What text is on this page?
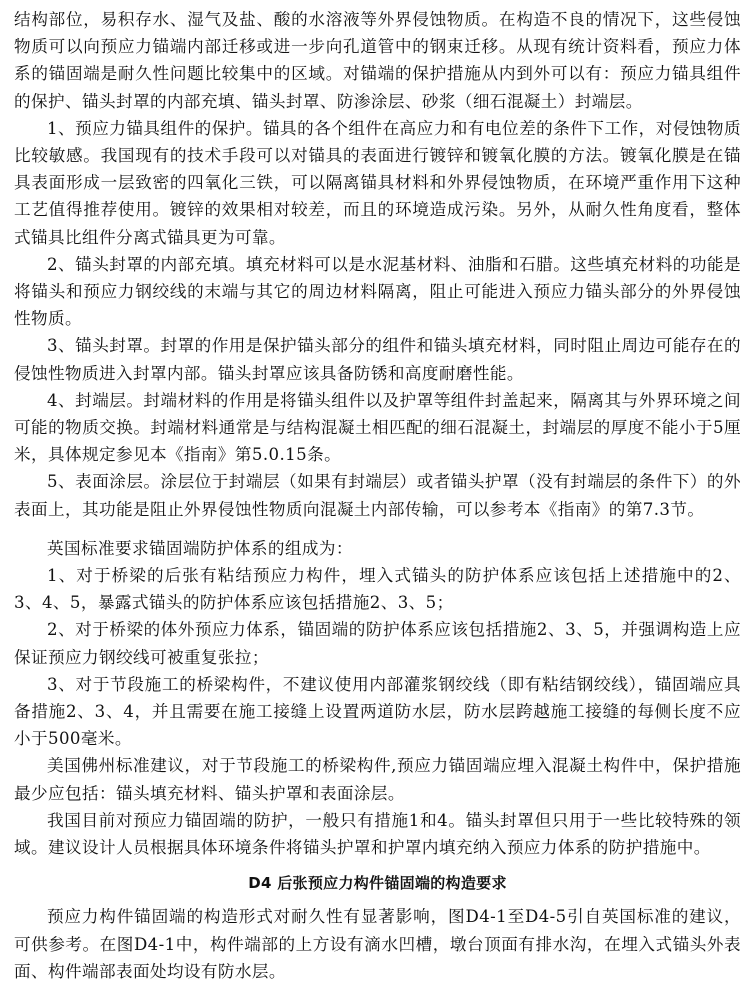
结构部位，易积存水、湿气及盐、酸的水溶液等外界侵蚀物质。在构造不良的情况下，这些侵蚀物质可以向预应力锚端内部迁移或进一步向孔道管中的钢束迁移。从现有统计资料看，预应力体系的锚固端是耐久性问题比较集中的区域。对锚端的保护措施从内到外可以有：预应力锚具组件的保护、锚头封罩的内部充填、锚头封罩、防渗涂层、砂浆（细石混凝土）封端层。

1、预应力锚具组件的保护。锚具的各个组件在高应力和有电位差的条件下工作，对侵蚀物质比较敏感。我国现有的技术手段可以对锚具的表面进行镀锌和镀氧化膜的方法。镀氧化膜是在锚具表面形成一层致密的四氧化三铁，可以隔离锚具材料和外界侵蚀物质，在环境严重作用下这种工艺值得推荐使用。镀锌的效果相对较差，而且的环境造成污染。另外，从耐久性角度看，整体式锚具比组件分离式锚具更为可靠。

2、锚头封罩的内部充填。填充材料可以是水泥基材料、油脂和石腊。这些填充材料的功能是将锚头和预应力钢绞线的末端与其它的周边材料隔离，阻止可能进入预应力锚头部分的外界侵蚀性物质。

3、锚头封罩。封罩的作用是保护锚头部分的组件和锚头填充材料，同时阻止周边可能存在的侵蚀性物质进入封罩内部。锚头封罩应该具备防锈和高度耐磨性能。

4、封端层。封端材料的作用是将锚头组件以及护罩等组件封盖起来，隔离其与外界环境之间可能的物质交换。封端材料通常是与结构混凝土相匹配的细石混凝土，封端层的厚度不能小于5厘米，具体规定参见本《指南》第5.0.15条。

5、表面涂层。涂层位于封端层（如果有封端层）或者锚头护罩（没有封端层的条件下）的外表面上，其功能是阻止外界侵蚀性物质向混凝土内部传输，可以参考本《指南》的第7.3节。

英国标准要求锚固端防护体系的组成为：

1、对于桥梁的后张有粘结预应力构件，埋入式锚头的防护体系应该包括上述措施中的2、3、4、5，暴露式锚头的防护体系应该包括措施2、3、5；

2、对于桥梁的体外预应力体系，锚固端的防护体系应该包括措施2、3、5，并强调构造上应保证预应力钢绞线可被重复张拉；

3、对于节段施工的桥梁构件，不建议使用内部灌浆钢绞线（即有粘结钢绞线），锚固端应具备措施2、3、4，并且需要在施工接缝上设置两道防水层，防水层跨越施工接缝的每侧长度不应小于500毫米。

美国佛州标准建议，对于节段施工的桥梁构件,预应力锚固端应埋入混凝土构件中，保护措施最少应包括：锚头填充材料、锚头护罩和表面涂层。

我国目前对预应力锚固端的防护，一般只有措施1和4。锚头封罩但只用于一些比较特殊的领域。建议设计人员根据具体环境条件将锚头护罩和护罩内填充纳入预应力体系的防护措施中。

D4 后张预应力构件锚固端的构造要求

预应力构件锚固端的构造形式对耐久性有显著影响，图D4-1至D4-5引自英国标准的建议，可供参考。在图D4-1中，构件端部的上方设有滴水凹槽，墩台顶面有排水沟，在埋入式锚头外表面、构件端部表面处均设有防水层。
